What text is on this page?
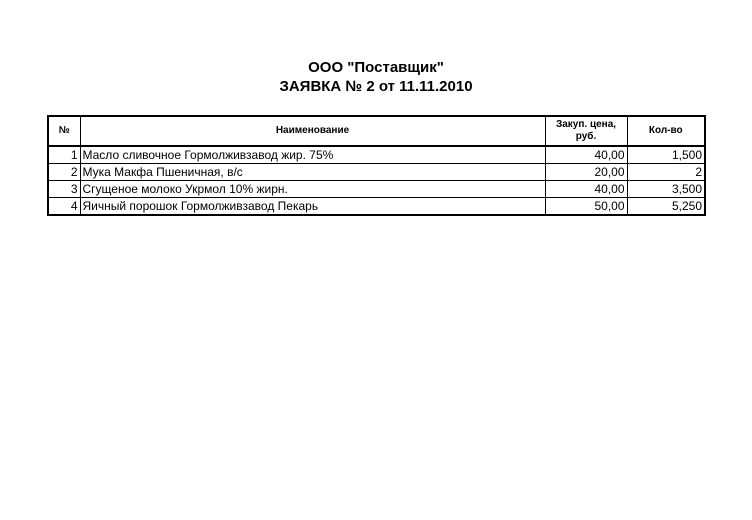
ООО "Поставщик"
ЗАЯВКА № 2 от 11.11.2010
№	Наименование	Закуп. цена, руб.	Кол-во
1	Масло сливочное Гормолживзавод жир. 75%	40,00	1,500
2	Мука Макфа Пшеничная, в/с	20,00	2
3	Сгущеное молоко Укрмол 10% жирн.	40,00	3,500
4	Яичный порошок Гормолживзавод Пекарь	50,00	5,250
